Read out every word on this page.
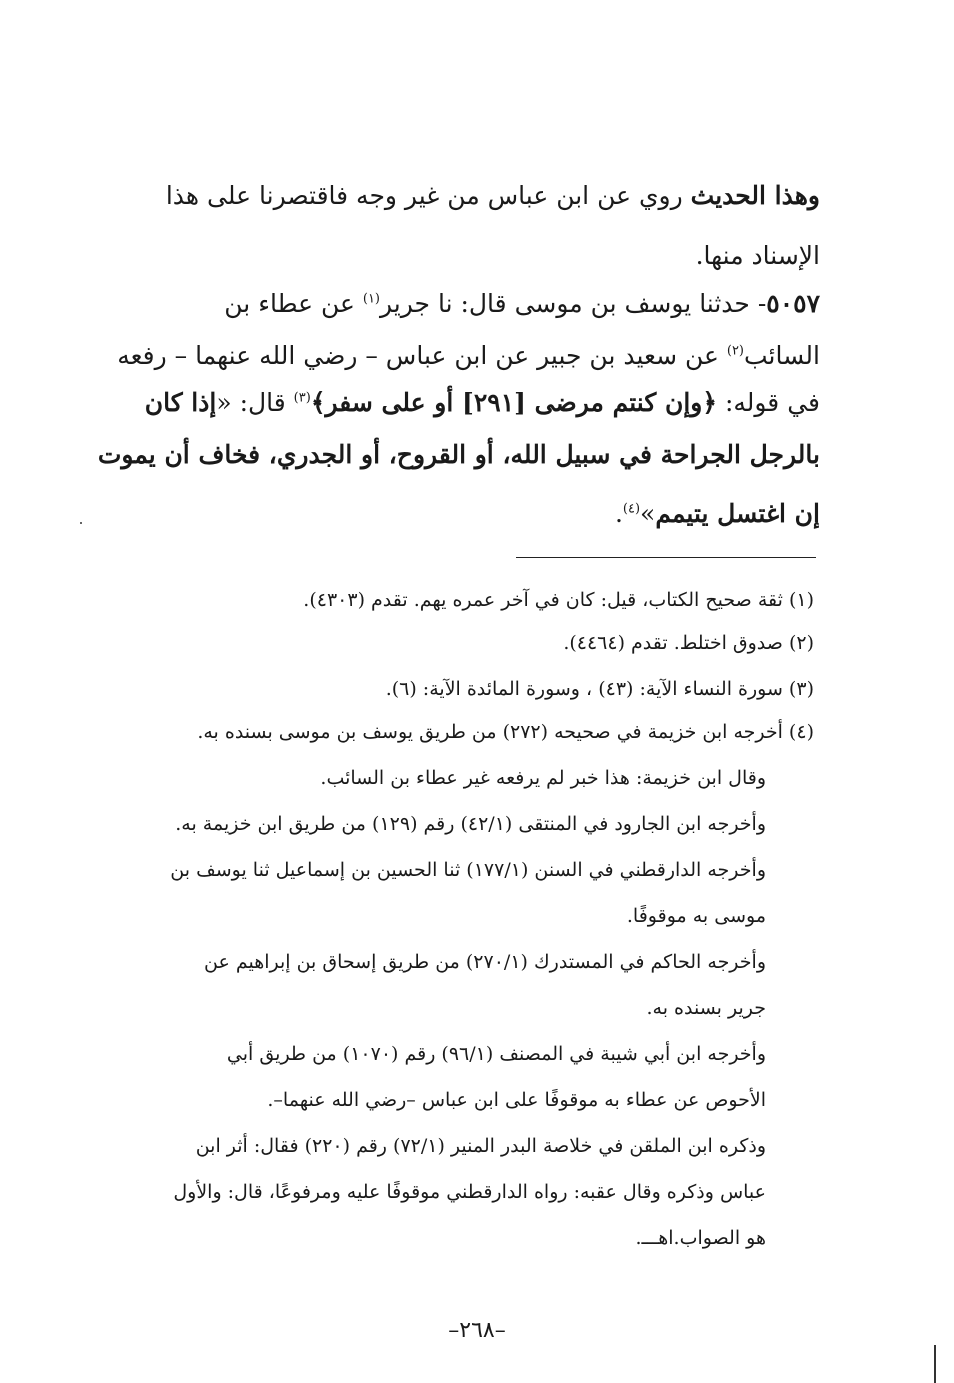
وهذا الحديث روي عن ابن عباس من غير وجه فاقتصرنا على هذا
الإسناد منها.
٥٠٥٧- حدثنا يوسف بن موسى قال: نا جرير$^{(١)}$ عن عطاء بن
السائب$^{(٢)}$ عن سعيد بن جبير عن ابن عباس – رضي الله عنهما – رفعه
في قوله: ﴿وإن كنتم مرضى [٢٩١] أو على سفر﴾$^{(٣)}$ قال: «إذا كان
بالرجل الجراحة في سبيل الله، أو القروح، أو الجدري، فخاف أن يموت
إن اغتسل يتيمم»$^{(٤)}$.
(١) ثقة صحيح الكتاب، قيل: كان في آخر عمره يهم. تقدم (٤٣٠٣).
(٢) صدوق اختلط. تقدم (٤٤٦٤).
(٣) سورة النساء الآية: (٤٣) ، وسورة المائدة الآية: (٦).
(٤) أخرجه ابن خزيمة في صحيحه (٢٧٢) من طريق يوسف بن موسى بسنده به.
وقال ابن خزيمة: هذا خبر لم يرفعه غير عطاء بن السائب.
وأخرجه ابن الجارود في المنتقى (٤٢/١) رقم (١٢٩) من طريق ابن خزيمة به.
وأخرجه الدارقطني في السنن (١٧٧/١) ثنا الحسين بن إسماعيل ثنا يوسف بن
موسى به موقوفًا.
وأخرجه الحاكم في المستدرك (٢٧٠/١) من طريق إسحاق بن إبراهيم عن
جرير بسنده به.
وأخرجه ابن أبي شيبة في المصنف (٩٦/١) رقم (١٠٧٠) من طريق أبي
الأحوص عن عطاء به موقوفًا على ابن عباس –رضي الله عنهما–.
وذكره ابن الملقن في خلاصة البدر المنير (٧٢/١) رقم (٢٢٠) فقال: أثر ابن
عباس وذكره وقال عقبه: رواه الدارقطني موقوفًا عليه ومرفوعًا، قال: والأول
هو الصواب.اهـــ.
–٢٦٨–
